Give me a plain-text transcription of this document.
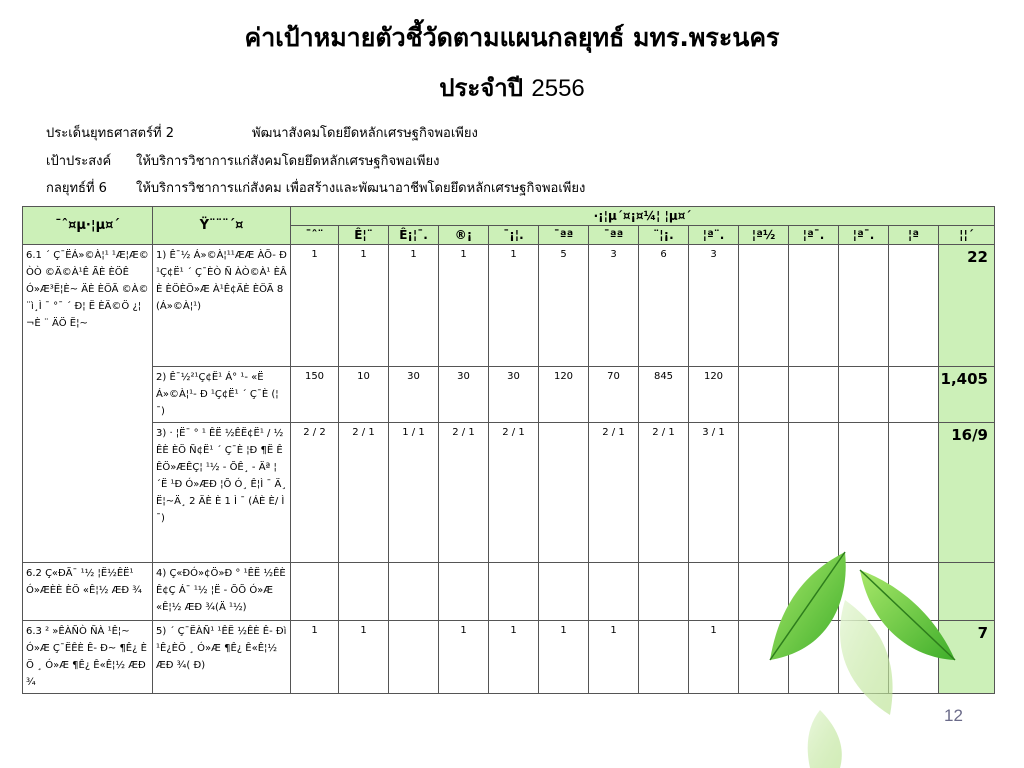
ค่าเป้าหมายตัวชี้วัดตามแผนกลยุทธ์ มทร.พระนคร
ประจำปี 2556
ประเด็นยุทธศาสตร์ที่ 2	พัฒนาสังคมโดยยึดหลักเศรษฐกิจพอเพียง
เป้าประสงค์ ให้บริการวิชาการแก่สังคมโดยยึดหลักเศรษฐกิจพอเพียง
กลยุทธ์ที่ 6 ให้บริการวิชาการแก่สังคม เพื่อสร้างและพัฒนาอาชีพโดยยึดหลักเศรษฐกิจพอเพียง
¯ˆ¤µ·¦µ¤´	Ÿ¨¨¨´¤	·¡¦µ´¤¡¤¼¦ ¦µ¤´													
		¯ˆ¨	Ê¦¨	Ê¡¦¯.	®¡	¯¡¦.	¯ªª	¯ªª	¨¦¡.	¦ª¨.	¦ª½	¦ª¯.	¦ª¯.	¦ª	¦¦´
6.1 ´ Ç¯ËÁ»©À¦¹ ¹Æ¦Æ©ÒÒ ©Ä©À¹Ê ÃÈ ÈÖÊ Ó»Æ³Ë¦È~ ÄÈ ÈÖÃ ©À©¨ì¸Ì ¯ °¯ ´ Ð¦ Ë ÈÄ©Ö ¿¦ ¬È ¨ ÄÖ Ë¦~	1) Ê¯½ Á»©À¦¹¹ÆÆ ÀÕ- Ð ¹Ç¢Ë¹ ´ Ç¯ÈÒ Ñ ÀÒ©À¹ ÈÂÈ ÈÖÈÖ»Æ À¹Ê¢ÄÈ ÈÖÃ 8 (Á»©À¦¹)	1	1	1	1	1	5	3	6	3					22
	2) Ê¯½²¹Ç¢Ë¹ Á° ¹- «Ë Á»©À¦¹- Ð ¹Ç¢Ë¹ ´ Ç¯È (¦¯)	150	10	30	30	30	120	70	845	120					1,405
	3) · ¦Ë¯ ° ¹ ÊË ½ÊË¢Ë¹ / ½ÊÈ ÈÖ Ñ¢Ë¹ ´ Ç¯È ¦Ð ¶Ë ÊÊÖ»ÆÊÇ¦ ¹½ - ÕÊ¸ - Äª ¦´Ë ¹Ð Ó»ÆÐ ¦Õ Ó¸ Ê¦Ì ¯ Ä¸ Ë¦~Ä¸ 2 ÄÈ È 1 Ì ¯ (ÁÈ È/ Ì ¯)	2 / 2	2 / 1	1 / 1	2 / 1	2 / 1		2 / 1	2 / 1	3 / 1					16/9
6.2 Ç«ÐÃ¯ ¹½ ¦Ë½ÊË¹ Ó»ÆÈÈ ÈÖ «Ê¦½ ÆÐ ¾	4) Ç«ÐÓ»¢Ö»Ð ° ¹ÊË ½ÊÈ Ê¢Ç Á¯ ¹½ ¦Ë - ÕÕ Ó»Æ «Ê¦½ ÆÐ ¾(Ä ¹½)														
6.3 ² »ÊÀÑÒ ÑÀ ¹Ê¦~ Ó»Æ Ç¯ËÊÈ Ê- Ð~ ¶Ê¿ ÈÖ ¸ Ó»Æ ¶Ê¿ Ê«Ê¦½ ÆÐ ¾	5) ´ Ç¯ËÀÑ¹ ¹ÊË ½ÊÈ Ê- Ðì¹Ê¿ÈÖ ¸ Ó»Æ ¶Ê¿ Ê«Ê¦½ ÆÐ ¾( Ð)	1	1		1	1	1	1		1					7
12
